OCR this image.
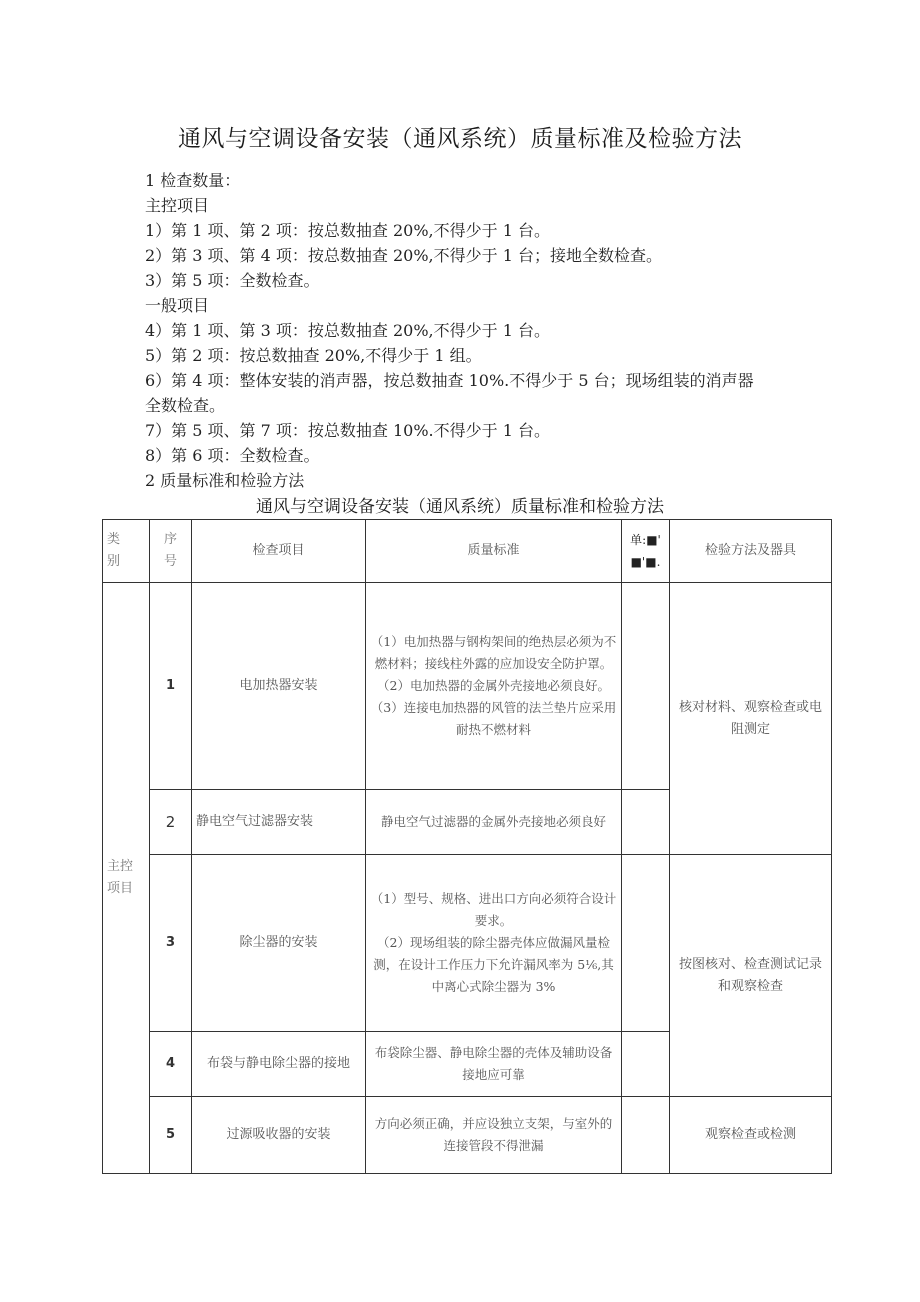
通风与空调设备安装（通风系统）质量标准及检验方法
1 检查数量：
主控项目
1）第 1 项、第 2 项：按总数抽查 20%,不得少于 1 台。
2）第 3 项、第 4 项：按总数抽查 20%,不得少于 1 台；接地全数检查。
3）第 5 项：全数检查。
一般项目
4）第 1 项、第 3 项：按总数抽查 20%,不得少于 1 台。
5）第 2 项：按总数抽查 20%,不得少于 1 组。
6）第 4 项：整体安装的消声器，按总数抽查 10%.不得少于 5 台；现场组装的消声器
全数检查。
7）第 5 项、第 7 项：按总数抽查 10%.不得少于 1 台。
8）第 6 项：全数检查。
2 质量标准和检验方法
通风与空调设备安装（通风系统）质量标准和检验方法
类
别	序
号	检查项目	质量标准	单:■'
■'■.	检验方法及器具
主控
项目	1	电加热器安装	（1）电加热器与钢构架间的绝热层必须为不燃材料；接线柱外露的应加设安全防护罩。
（2）电加热器的金属外壳接地必须良好。
（3）连接电加热器的风管的法兰垫片应采用耐热不燃材料		核对材料、观察检查或电阻测定
	2	静电空气过滤器安装	静电空气过滤器的金属外壳接地必须良好		

	3	除尘器的安装	（1）型号、规格、进出口方向必须符合设计要求。
（2）现场组装的除尘器壳体应做漏风量检测，在设计工作压力下允许漏风率为 5⅟₆,其中离心式除尘器为 3%		按图核对、检查测试记录和观察检查
	4	布袋与静电除尘器的接地	布袋除尘器、静电除尘器的壳体及辅助设备接地应可靠		

	5	过源吸收器的安装	方向必须正确，并应设独立支架，与室外的连接管段不得泄漏		观察检查或检测
